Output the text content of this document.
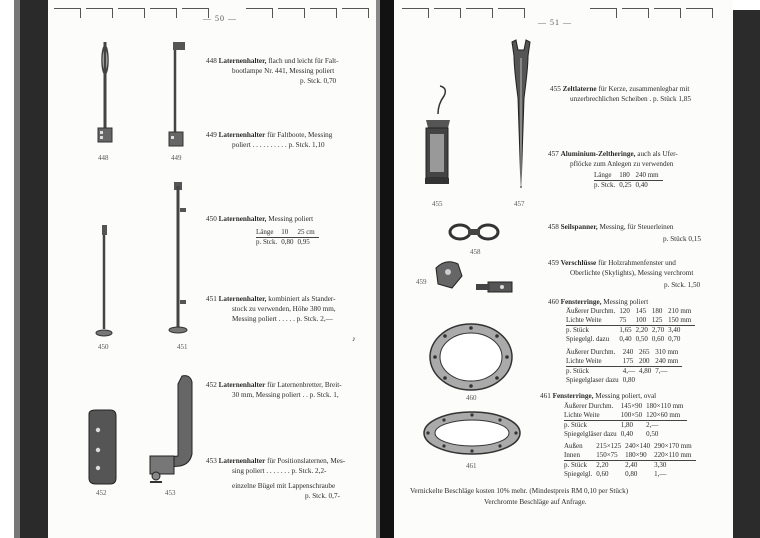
— 50 —
448	449
448 Laternenhalter, flach und leicht für Falt-
bootlampe Nr. 441, Messing poliert
p. Stck. 0,70
449 Laternenhalter für Faltboote, Messing
poliert . . . . . . . . . . p. Stck. 1,10
450	451
450 Laternenhalter, Messing poliert
Länge	10	25 cm
p. Stck.	0,80	0,95
451 Laternenhalter, kombiniert als Stander-
stock zu verwenden, Höhe 380 mm,
Messing poliert . . . . . p. Stck. 2,—
♪
452	453
452 Laternenhalter für Laternenbretter, Breit-
30 mm, Messing poliert . . p. Stck. 1,
453 Laternenhalter für Positionslaternen, Mes-
sing poliert . . . . . . . p. Stck. 2,2-
einzelne Bügel mit Lappenschraube
p. Stck. 0,7-
— 51 —
455	457
458
459
460
461
455 Zeltlaterne für Kerze, zusammenlegbar mit
unzerbrechlichen Scheiben . p. Stück 1,85
457 Aluminium-Zeltheringe, auch als Ufer-
pflöcke zum Anlegen zu verwenden
Länge	180	240 mm
p. Stck.	0,25	0,40
458 Seilspanner, Messing, für Steuerleinen
p. Stück 0,15
459 Verschlüsse für Holzrahmenfenster und
Oberlichte (Skylights), Messing verchromt
p. Stck. 1,50
460 Fensterringe, Messing poliert
Äußerer Durchm.	120	145	180	210 mm
Lichte Weite	75	100	125	150 mm
p. Stück	1,65	2,20	2,70	3,40
Spiegelgl. dazu	0,40	0,50	0,60	0,70
Äußerer Durchm.	240	265	310 mm
Lichte Weite	175	200	240 mm
p. Stück	4,—	4,80	7,—
Spiegelglaser dazu	0,80		
461 Fensterringe, Messing poliert, oval
Äußerer Durchm.	145×90	180×110 mm
Lichte Weite	100×50	120×60 mm
p. Stück	1,80	2,—
Spiegelgläser dazu	0,40	0,50
Außen	215×125	240×140	290×170 mm
Innen	150×75	180×90	220×110 mm
p. Stück	2,20	2,40	3,30
Spiegelgl.	0,60	0,80	1,—
Vernickelte Beschläge kosten 10% mehr. (Mindestpreis RM 0,10 per Stück)
Verchromte Beschläge auf Anfrage.
